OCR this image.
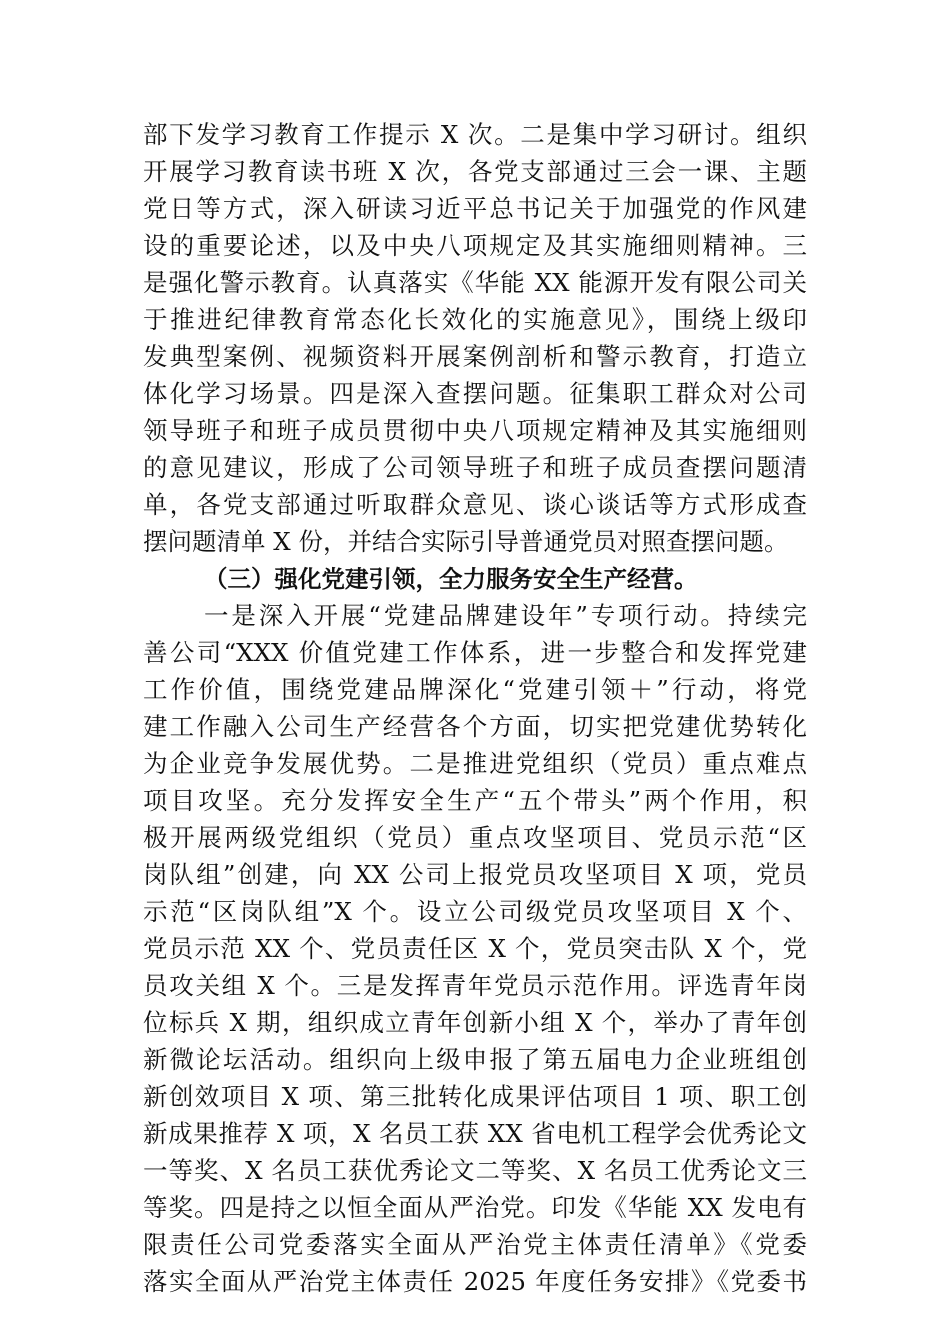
部下发学习教育工作提示 X 次。二是集中学习研讨。组织
开展学习教育读书班 X 次，各党支部通过三会一课、主题
党日等方式，深入研读习近平总书记关于加强党的作风建
设的重要论述，以及中央八项规定及其实施细则精神。三
是强化警示教育。认真落实《华能 XX 能源开发有限公司关
于推进纪律教育常态化长效化的实施意见》，围绕上级印
发典型案例、视频资料开展案例剖析和警示教育，打造立
体化学习场景。四是深入查摆问题。征集职工群众对公司
领导班子和班子成员贯彻中央八项规定精神及其实施细则
的意见建议，形成了公司领导班子和班子成员查摆问题清
单，各党支部通过听取群众意见、谈心谈话等方式形成查
摆问题清单 X 份，并结合实际引导普通党员对照查摆问题。
（三）强化党建引领，全力服务安全生产经营。
一是深入开展“党建品牌建设年”专项行动。持续完
善公司“XXX 价值党建工作体系，进一步整合和发挥党建
工作价值，围绕党建品牌深化“党建引领＋”行动，将党
建工作融入公司生产经营各个方面，切实把党建优势转化
为企业竞争发展优势。二是推进党组织（党员）重点难点
项目攻坚。充分发挥安全生产“五个带头”两个作用，积
极开展两级党组织（党员）重点攻坚项目、党员示范“区
岗队组”创建，向 XX 公司上报党员攻坚项目 X 项，党员
示范“区岗队组”X 个。设立公司级党员攻坚项目 X 个、
党员示范 XX 个、党员责任区 X 个，党员突击队 X 个，党
员攻关组 X 个。三是发挥青年党员示范作用。评选青年岗
位标兵 X 期，组织成立青年创新小组 X 个，举办了青年创
新微论坛活动。组织向上级申报了第五届电力企业班组创
新创效项目 X 项、第三批转化成果评估项目 1 项、职工创
新成果推荐 X 项，X 名员工获 XX 省电机工程学会优秀论文
一等奖、X 名员工获优秀论文二等奖、X 名员工优秀论文三
等奖。四是持之以恒全面从严治党。印发《华能 XX 发电有
限责任公司党委落实全面从严治党主体责任清单》《党委
落实全面从严治党主体责任 2025 年度任务安排》《党委书
